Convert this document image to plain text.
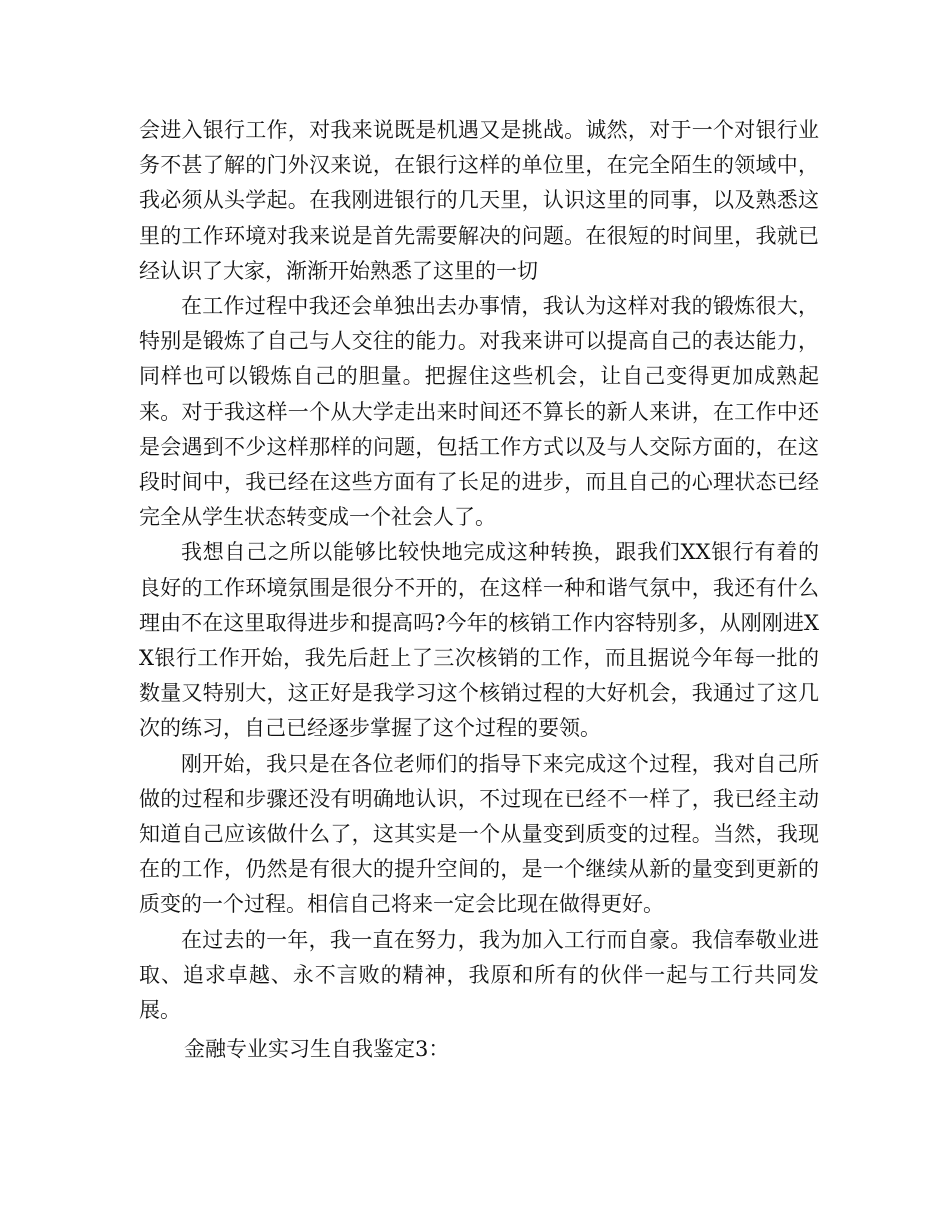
会进入银行工作，对我来说既是机遇又是挑战。诚然，对于一个对银行业务不甚了解的门外汉来说，在银行这样的单位里，在完全陌生的领域中，我必须从头学起。在我刚进银行的几天里，认识这里的同事，以及熟悉这里的工作环境对我来说是首先需要解决的问题。在很短的时间里，我就已经认识了大家，渐渐开始熟悉了这里的一切

在工作过程中我还会单独出去办事情，我认为这样对我的锻炼很大，特别是锻炼了自己与人交往的能力。对我来讲可以提高自己的表达能力，同样也可以锻炼自己的胆量。把握住这些机会，让自己变得更加成熟起来。对于我这样一个从大学走出来时间还不算长的新人来讲，在工作中还是会遇到不少这样那样的问题，包括工作方式以及与人交际方面的，在这段时间中，我已经在这些方面有了长足的进步，而且自己的心理状态已经完全从学生状态转变成一个社会人了。

我想自己之所以能够比较快地完成这种转换，跟我们XX银行有着的良好的工作环境氛围是很分不开的，在这样一种和谐气氛中，我还有什么理由不在这里取得进步和提高吗?今年的核销工作内容特别多，从刚刚进XX银行工作开始，我先后赶上了三次核销的工作，而且据说今年每一批的数量又特别大，这正好是我学习这个核销过程的大好机会，我通过了这几次的练习，自己已经逐步掌握了这个过程的要领。

刚开始，我只是在各位老师们的指导下来完成这个过程，我对自己所做的过程和步骤还没有明确地认识，不过现在已经不一样了，我已经主动知道自己应该做什么了，这其实是一个从量变到质变的过程。当然，我现在的工作，仍然是有很大的提升空间的，是一个继续从新的量变到更新的质变的一个过程。相信自己将来一定会比现在做得更好。

在过去的一年，我一直在努力，我为加入工行而自豪。我信奉敬业进取、追求卓越、永不言败的精神，我原和所有的伙伴一起与工行共同发展。

金融专业实习生自我鉴定3：
